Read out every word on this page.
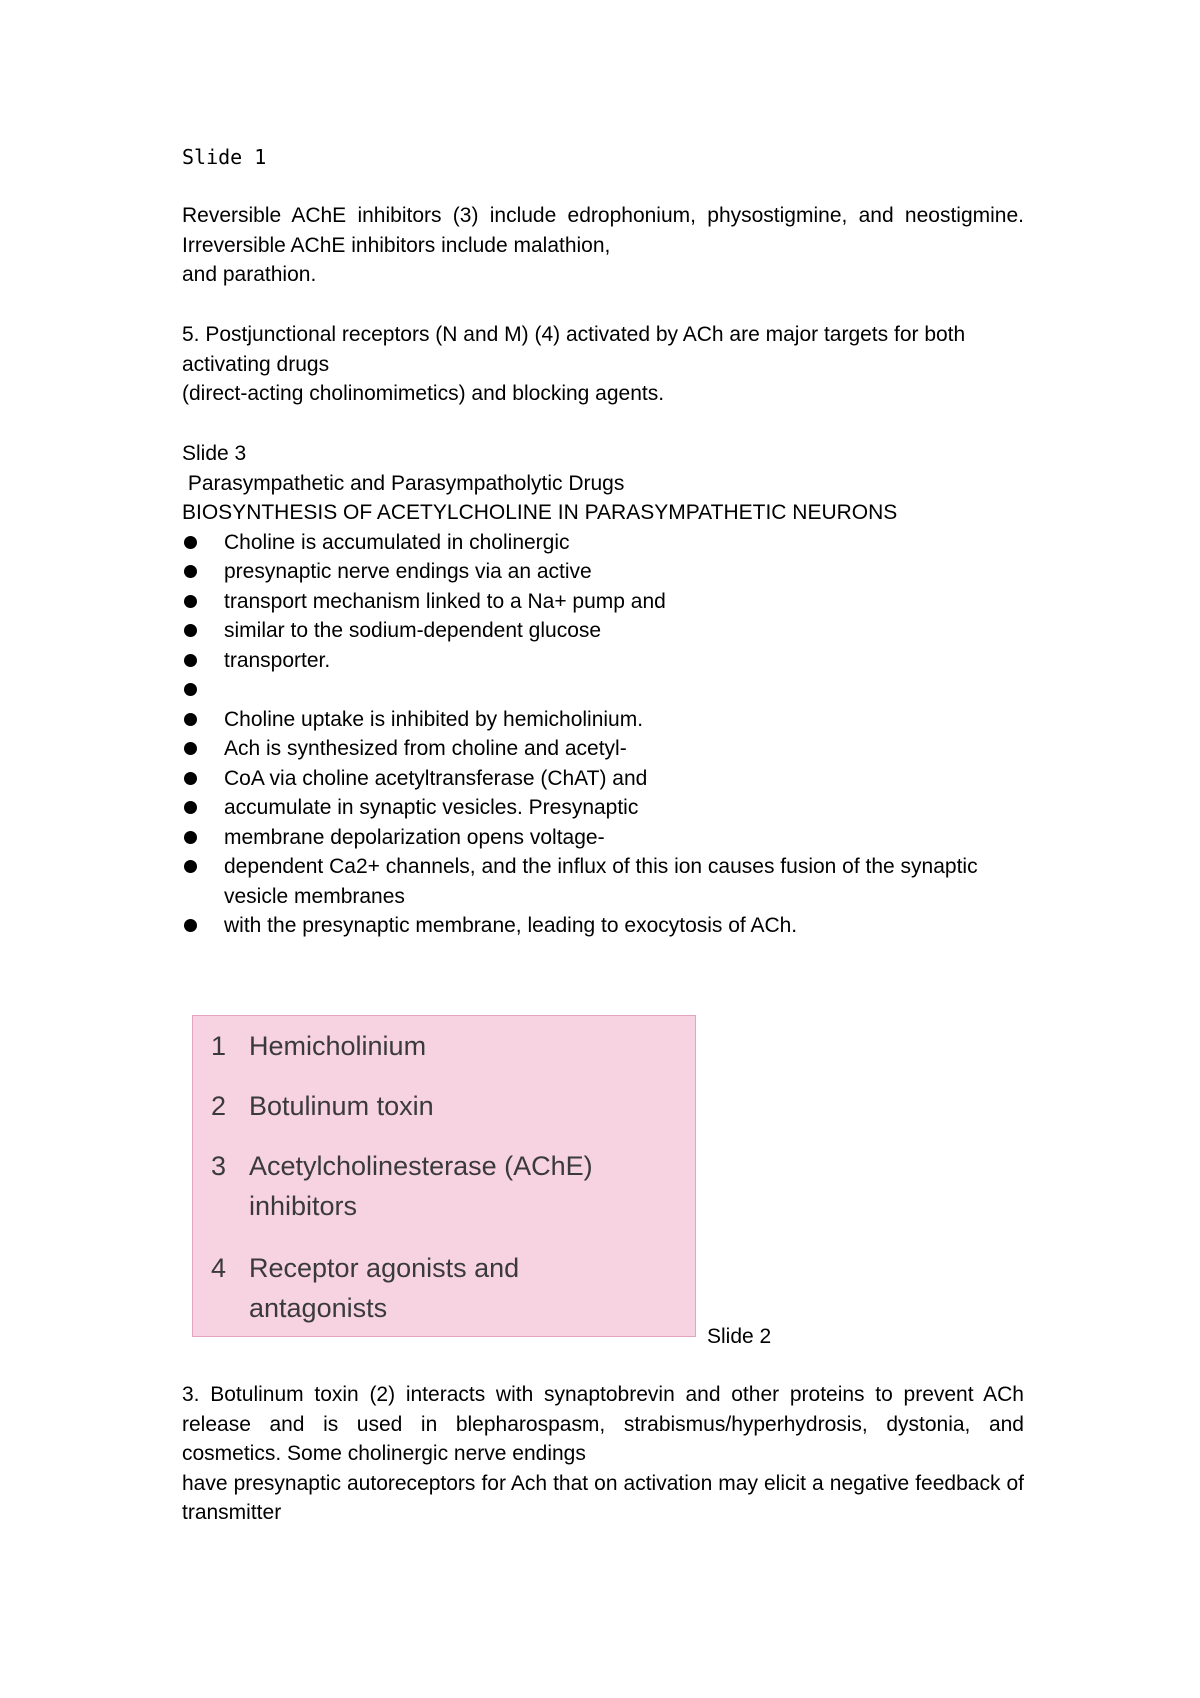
Slide 1

Reversible AChE inhibitors (3) include edrophonium, physostigmine, and neostigmine. Irreversible AChE inhibitors include malathion,

and parathion.

5. Postjunctional receptors (N and M) (4) activated by ACh are major targets for both activating drugs

(direct-acting cholinomimetics) and blocking agents.

Slide 3

Parasympathetic and Parasympatholytic Drugs

BIOSYNTHESIS OF ACETYLCHOLINE IN PARASYMPATHETIC NEURONS

Choline is accumulated in cholinergic
presynaptic nerve endings via an active
transport mechanism linked to a Na+ pump and
similar to the sodium-dependent glucose
transporter.
Choline uptake is inhibited by hemicholinium.
Ach is synthesized from choline and acetyl-
CoA via choline acetyltransferase (ChAT) and
accumulate in synaptic vesicles. Presynaptic
membrane depolarization opens voltage-
dependent Ca2+ channels, and the influx of this ion causes fusion of the synaptic vesicle membranes
with the presynaptic membrane, leading to exocytosis of ACh.
1 Hemicholinium
2 Botulinum toxin
3 Acetylcholinesterase (AChE)
inhibitors
4 Receptor agonists and
antagonists
Slide 2

3. Botulinum toxin (2) interacts with synaptobrevin and other proteins to prevent ACh release and is used in blepharospasm, strabismus/hyperhydrosis, dystonia, and cosmetics. Some cholinergic nerve endings

have presynaptic autoreceptors for Ach that on activation may elicit a negative feedback of transmitter
